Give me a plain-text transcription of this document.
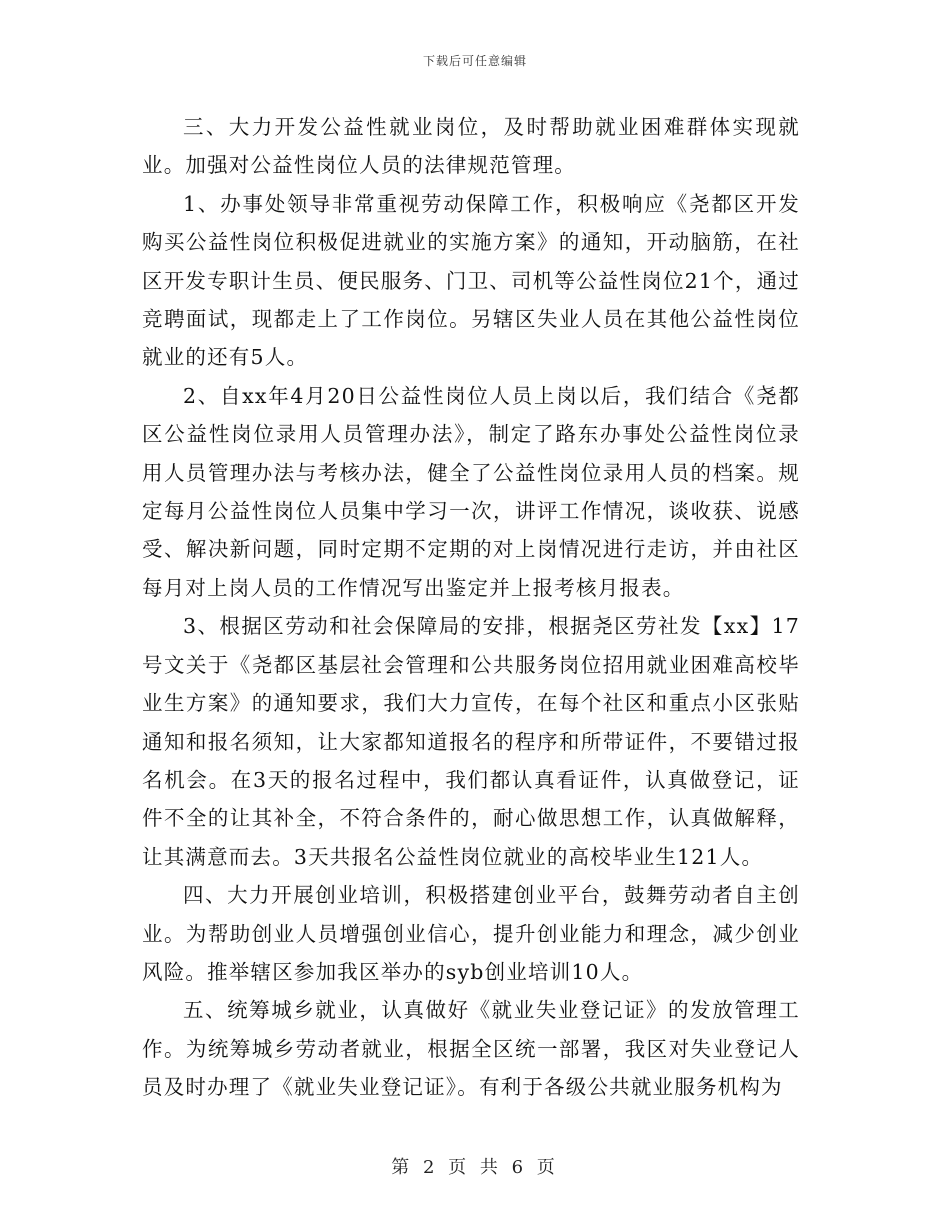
下载后可任意编辑

三、大力开发公益性就业岗位，及时帮助就业困难群体实现就业。加强对公益性岗位人员的法律规范管理。

1、办事处领导非常重视劳动保障工作，积极响应《尧都区开发购买公益性岗位积极促进就业的实施方案》的通知，开动脑筋，在社区开发专职计生员、便民服务、门卫、司机等公益性岗位21个，通过竞聘面试，现都走上了工作岗位。另辖区失业人员在其他公益性岗位就业的还有5人。

2、自xx年4月20日公益性岗位人员上岗以后，我们结合《尧都区公益性岗位录用人员管理办法》，制定了路东办事处公益性岗位录用人员管理办法与考核办法，健全了公益性岗位录用人员的档案。规定每月公益性岗位人员集中学习一次，讲评工作情况，谈收获、说感受、解决新问题，同时定期不定期的对上岗情况进行走访，并由社区每月对上岗人员的工作情况写出鉴定并上报考核月报表。

3、根据区劳动和社会保障局的安排，根据尧区劳社发【xx】17号文关于《尧都区基层社会管理和公共服务岗位招用就业困难高校毕业生方案》的通知要求，我们大力宣传，在每个社区和重点小区张贴通知和报名须知，让大家都知道报名的程序和所带证件，不要错过报名机会。在3天的报名过程中，我们都认真看证件，认真做登记，证件不全的让其补全，不符合条件的，耐心做思想工作，认真做解释，让其满意而去。3天共报名公益性岗位就业的高校毕业生121人。

四、大力开展创业培训，积极搭建创业平台，鼓舞劳动者自主创业。为帮助创业人员增强创业信心，提升创业能力和理念，减少创业风险。推举辖区参加我区举办的syb创业培训10人。

五、统筹城乡就业，认真做好《就业失业登记证》的发放管理工作。为统筹城乡劳动者就业，根据全区统一部署，我区对失业登记人员及时办理了《就业失业登记证》。有利于各级公共就业服务机构为

第 2 页 共 6 页
